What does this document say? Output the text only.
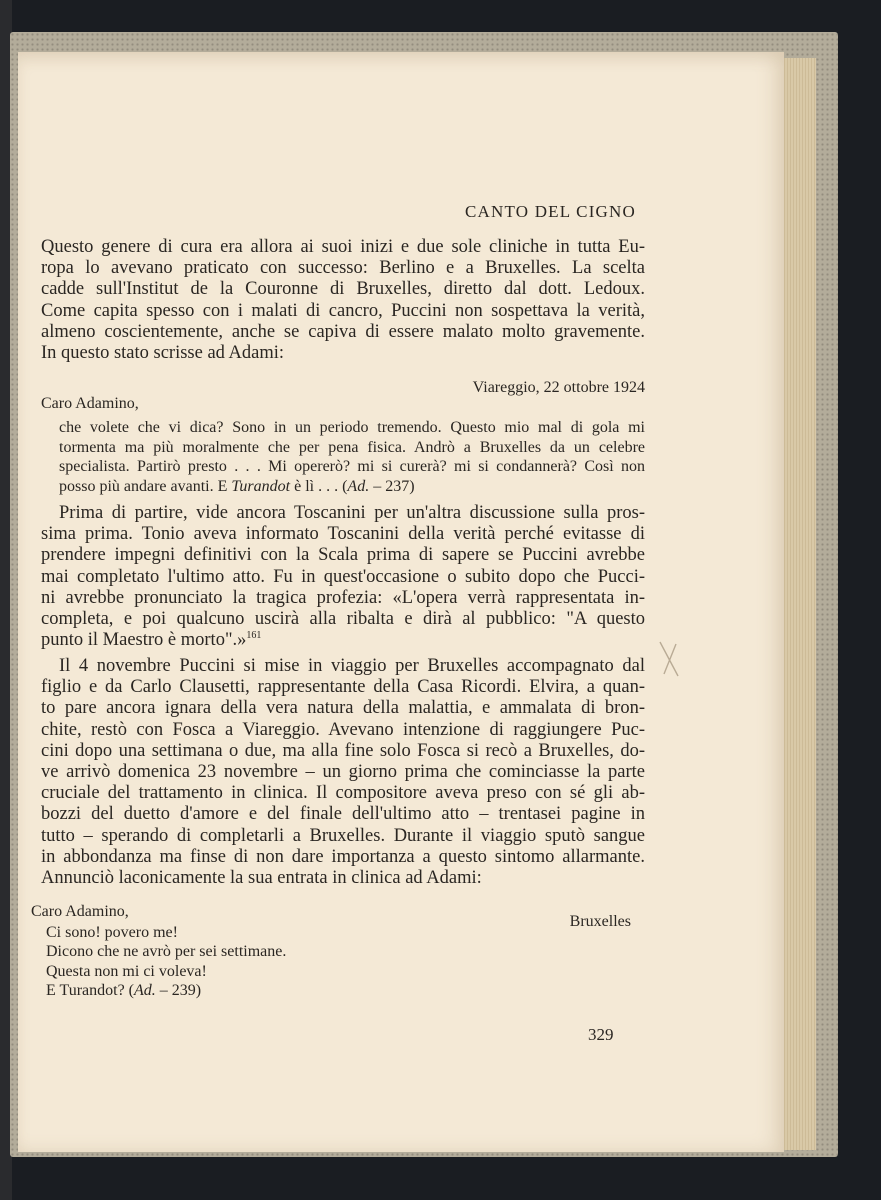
CANTO DEL CIGNO
Questo genere di cura era allora ai suoi inizi e due sole cliniche in tutta Eu-
ropa lo avevano praticato con successo: Berlino e a Bruxelles. La scelta
cadde sull'Institut de la Couronne di Bruxelles, diretto dal dott. Ledoux.
Come capita spesso con i malati di cancro, Puccini non sospettava la verità,
almeno coscientemente, anche se capiva di essere malato molto gravemente.
In questo stato scrisse ad Adami:
Viareggio, 22 ottobre 1924
Caro Adamino,
che volete che vi dica? Sono in un periodo tremendo. Questo mio mal di gola mi
tormenta ma più moralmente che per pena fisica. Andrò a Bruxelles da un celebre
specialista. Partirò presto . . . Mi opererò? mi si curerà? mi si condannerà? Così non
posso più andare avanti. E Turandot è lì . . . (Ad. – 237)
Prima di partire, vide ancora Toscanini per un'altra discussione sulla pros-
sima prima. Tonio aveva informato Toscanini della verità perché evitasse di
prendere impegni definitivi con la Scala prima di sapere se Puccini avrebbe
mai completato l'ultimo atto. Fu in quest'occasione o subito dopo che Pucci-
ni avrebbe pronunciato la tragica profezia: «L'opera verrà rappresentata in-
completa, e poi qualcuno uscirà alla ribalta e dirà al pubblico: "A questo
punto il Maestro è morto".»$^{161}$
Il 4 novembre Puccini si mise in viaggio per Bruxelles accompagnato dal
figlio e da Carlo Clausetti, rappresentante della Casa Ricordi. Elvira, a quan-
to pare ancora ignara della vera natura della malattia, e ammalata di bron-
chite, restò con Fosca a Viareggio. Avevano intenzione di raggiungere Puc-
cini dopo una settimana o due, ma alla fine solo Fosca si recò a Bruxelles, do-
ve arrivò domenica 23 novembre – un giorno prima che cominciasse la parte
cruciale del trattamento in clinica. Il compositore aveva preso con sé gli ab-
bozzi del duetto d'amore e del finale dell'ultimo atto – trentasei pagine in
tutto – sperando di completarli a Bruxelles. Durante il viaggio sputò sangue
in abbondanza ma finse di non dare importanza a questo sintomo allarmante.
Annunciò laconicamente la sua entrata in clinica ad Adami:
Caro Adamino,
Bruxelles
Ci sono! povero me!
Dicono che ne avrò per sei settimane.
Questa non mi ci voleva!
E Turandot? (Ad. – 239)
329
